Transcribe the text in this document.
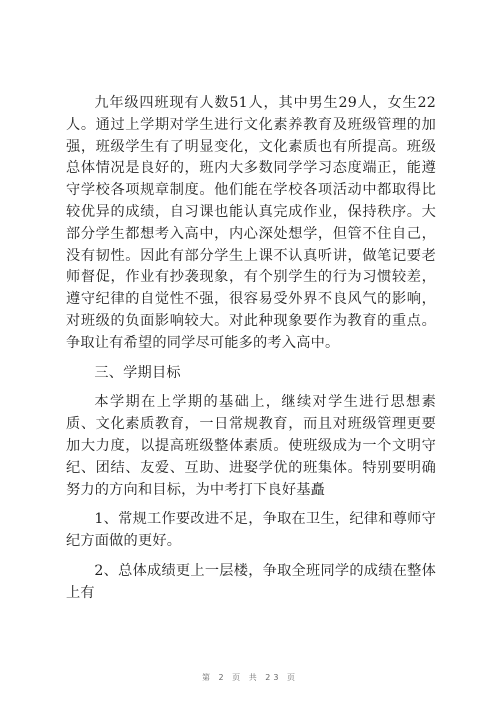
九年级四班现有人数51人，其中男生29人，女生22人。通过上学期对学生进行文化素养教育及班级管理的加强，班级学生有了明显变化，文化素质也有所提高。班级总体情况是良好的，班内大多数同学学习态度端正，能遵守学校各项规章制度。他们能在学校各项活动中都取得比较优异的成绩，自习课也能认真完成作业，保持秩序。大部分学生都想考入高中，内心深处想学，但管不住自己，没有韧性。因此有部分学生上课不认真听讲，做笔记要老师督促，作业有抄袭现象，有个别学生的行为习惯较差，遵守纪律的自觉性不强，很容易受外界不良风气的影响，对班级的负面影响较大。对此种现象要作为教育的重点。争取让有希望的同学尽可能多的考入高中。

三、学期目标

本学期在上学期的基础上，继续对学生进行思想素质、文化素质教育，一日常规教育，而且对班级管理更要加大力度，以提高班级整体素质。使班级成为一个文明守纪、团结、友爱、互助、进娶学优的班集体。特别要明确努力的方向和目标，为中考打下良好基矗

1、常规工作要改进不足，争取在卫生，纪律和尊师守纪方面做的更好。

2、总体成绩更上一层楼，争取全班同学的成绩在整体上有

第 2 页 共 23 页
